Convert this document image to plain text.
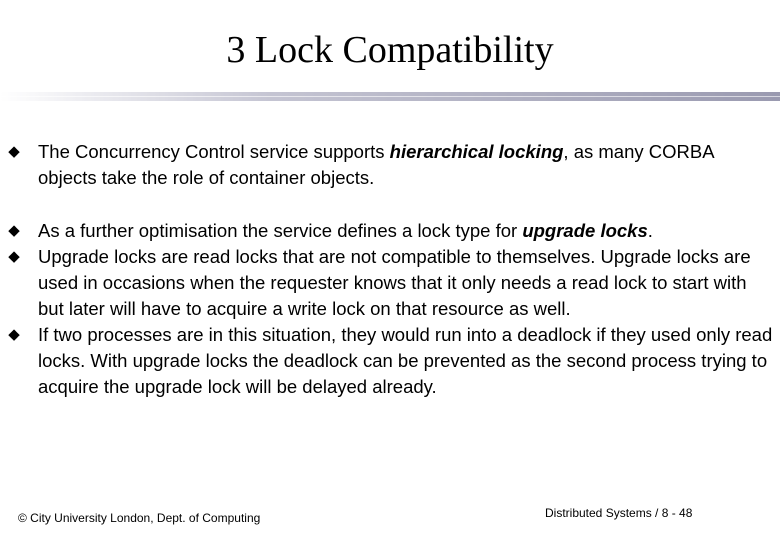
3 Lock Compatibility
◆ The Concurrency Control service supports hierarchical locking, as many CORBA objects take the role of container objects.
◆ As a further optimisation the service defines a lock type for upgrade locks.
◆ Upgrade locks are read locks that are not compatible to themselves. Upgrade locks are used in occasions when the requester knows that it only needs a read lock to start with but later will have to acquire a write lock on that resource as well.
◆ If two processes are in this situation, they would run into a deadlock if they used only read locks. With upgrade locks the deadlock can be prevented as the second process trying to acquire the upgrade lock will be delayed already.
© City University London, Dept. of Computing	Distributed Systems / 8 - 48
